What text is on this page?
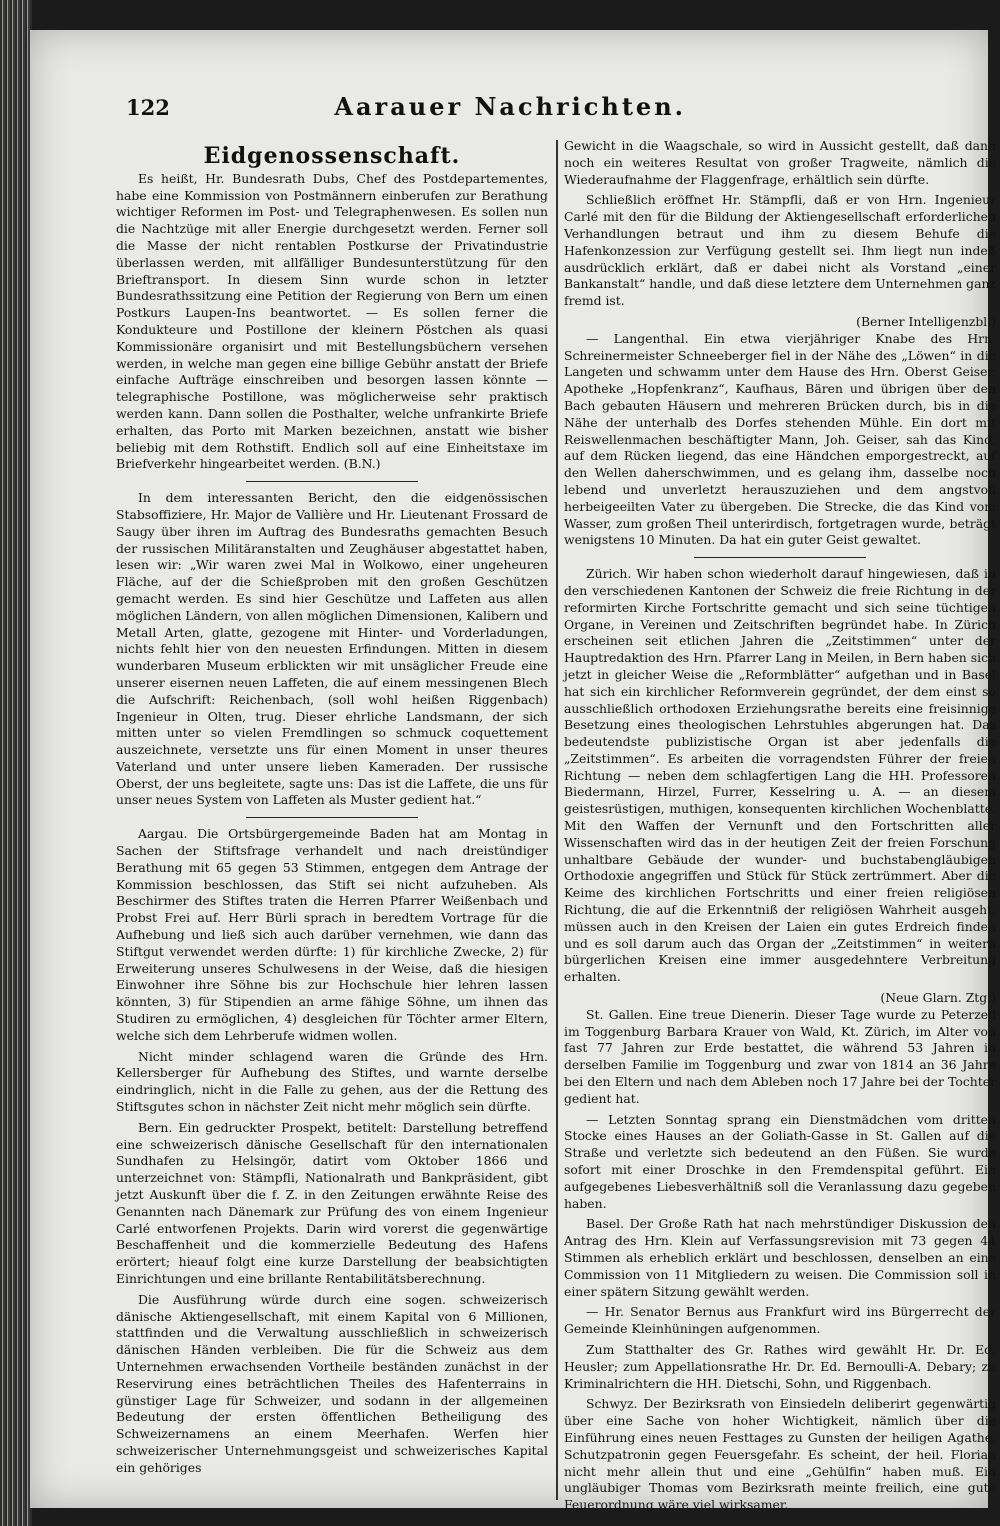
122	Aarauer Nachrichten.
Eidgenossenschaft.

Es heißt, Hr. Bundesrath Dubs, Chef des Postdepartementes, habe eine Kommission von Postmännern einberufen zur Berathung wichtiger Reformen im Post- und Telegraphenwesen. Es sollen nun die Nachtzüge mit aller Energie durchgesetzt werden. Ferner soll die Masse der nicht rentablen Postkurse der Privatindustrie überlassen werden, mit allfälliger Bundesunterstützung für den Brieftransport. In diesem Sinn wurde schon in letzter Bundesrathssitzung eine Petition der Regierung von Bern um einen Postkurs Laupen-Ins beantwortet. — Es sollen ferner die Kondukteure und Postillone der kleinern Pöstchen als quasi Kommissionäre organisirt und mit Bestellungsbüchern versehen werden, in welche man gegen eine billige Gebühr anstatt der Briefe einfache Aufträge einschreiben und besorgen lassen könnte — telegraphische Postillone, was möglicherweise sehr praktisch werden kann. Dann sollen die Posthalter, welche unfrankirte Briefe erhalten, das Porto mit Marken bezeichnen, anstatt wie bisher beliebig mit dem Rothstift. Endlich soll auf eine Einheitstaxe im Briefverkehr hingearbeitet werden. (B.N.)

In dem interessanten Bericht, den die eidgenössischen Stabsoffiziere, Hr. Major de Vallière und Hr. Lieutenant Frossard de Saugy über ihren im Auftrag des Bundesraths gemachten Besuch der russischen Militäranstalten und Zeughäuser abgestattet haben, lesen wir: „Wir waren zwei Mal in Wolkowo, einer ungeheuren Fläche, auf der die Schießproben mit den großen Geschützen gemacht werden. Es sind hier Geschütze und Laffeten aus allen möglichen Ländern, von allen möglichen Dimensionen, Kalibern und Metall Arten, glatte, gezogene mit Hinter- und Vorderladungen, nichts fehlt hier von den neuesten Erfindungen. Mitten in diesem wunderbaren Museum erblickten wir mit unsäglicher Freude eine unserer eisernen neuen Laffeten, die auf einem messingenen Blech die Aufschrift: Reichenbach, (soll wohl heißen Riggenbach) Ingenieur in Olten, trug. Dieser ehrliche Landsmann, der sich mitten unter so vielen Fremdlingen so schmuck coquettement auszeichnete, versetzte uns für einen Moment in unser theures Vaterland und unter unsere lieben Kameraden. Der russische Oberst, der uns begleitete, sagte uns: Das ist die Laffete, die uns für unser neues System von Laffeten als Muster gedient hat.“

Aargau. Die Ortsbürgergemeinde Baden hat am Montag in Sachen der Stiftsfrage verhandelt und nach dreistündiger Berathung mit 65 gegen 53 Stimmen, entgegen dem Antrage der Kommission beschlossen, das Stift sei nicht aufzuheben. Als Beschirmer des Stiftes traten die Herren Pfarrer Weißenbach und Probst Frei auf. Herr Bürli sprach in beredtem Vortrage für die Aufhebung und ließ sich auch darüber vernehmen, wie dann das Stiftgut verwendet werden dürfte: 1) für kirchliche Zwecke, 2) für Erweiterung unseres Schulwesens in der Weise, daß die hiesigen Einwohner ihre Söhne bis zur Hochschule hier lehren lassen könnten, 3) für Stipendien an arme fähige Söhne, um ihnen das Studiren zu ermöglichen, 4) desgleichen für Töchter armer Eltern, welche sich dem Lehrberufe widmen wollen.

Nicht minder schlagend waren die Gründe des Hrn. Kellersberger für Aufhebung des Stiftes, und warnte derselbe eindringlich, nicht in die Falle zu gehen, aus der die Rettung des Stiftsgutes schon in nächster Zeit nicht mehr möglich sein dürfte.

Bern. Ein gedruckter Prospekt, betitelt: Darstellung betreffend eine schweizerisch dänische Gesellschaft für den internationalen Sundhafen zu Helsingör, datirt vom Oktober 1866 und unterzeichnet von: Stämpfli, Nationalrath und Bankpräsident, gibt jetzt Auskunft über die f. Z. in den Zeitungen erwähnte Reise des Genannten nach Dänemark zur Prüfung des von einem Ingenieur Carlé entworfenen Projekts. Darin wird vorerst die gegenwärtige Beschaffenheit und die kommerzielle Bedeutung des Hafens erörtert; hieauf folgt eine kurze Darstellung der beabsichtigten Einrichtungen und eine brillante Rentabilitätsberechnung.

Die Ausführung würde durch eine sogen. schweizerisch dänische Aktiengesellschaft, mit einem Kapital von 6 Millionen, stattfinden und die Verwaltung ausschließlich in schweizerisch dänischen Händen verbleiben. Die für die Schweiz aus dem Unternehmen erwachsenden Vortheile beständen zunächst in der Reservirung eines beträchtlichen Theiles des Hafenterrains in günstiger Lage für Schweizer, und sodann in der allgemeinen Bedeutung der ersten öffentlichen Betheiligung des Schweizernamens an einem Meerhafen. Werfen hier schweizerischer Unternehmungsgeist und schweizerisches Kapital ein gehöriges

Gewicht in die Waagschale, so wird in Aussicht gestellt, daß dann noch ein weiteres Resultat von großer Tragweite, nämlich die Wiederaufnahme der Flaggenfrage, erhältlich sein dürfte.

Schließlich eröffnet Hr. Stämpfli, daß er von Hrn. Ingenieur Carlé mit den für die Bildung der Aktiengesellschaft erforderlichen Verhandlungen betraut und ihm zu diesem Behufe die Hafenkonzession zur Verfügung gestellt sei. Ihm liegt nun indeß ausdrücklich erklärt, daß er dabei nicht als Vorstand „einer Bankanstalt“ handle, und daß diese letztere dem Unternehmen ganz fremd ist.

(Berner Intelligenzbl.)

— Langenthal. Ein etwa vierjähriger Knabe des Hrn. Schreinermeister Schneeberger fiel in der Nähe des „Löwen“ in die Langeten und schwamm unter dem Hause des Hrn. Oberst Geiser, Apotheke „Hopfenkranz“, Kaufhaus, Bären und übrigen über den Bach gebauten Häusern und mehreren Brücken durch, bis in die Nähe der unterhalb des Dorfes stehenden Mühle. Ein dort mit Reiswellenmachen beschäftigter Mann, Joh. Geiser, sah das Kind, auf dem Rücken liegend, das eine Händchen emporgestreckt, auf den Wellen daherschwimmen, und es gelang ihm, dasselbe noch lebend und unverletzt herauszuziehen und dem angstvoll herbeigeeilten Vater zu übergeben. Die Strecke, die das Kind vom Wasser, zum großen Theil unterirdisch, fortgetragen wurde, beträgt wenigstens 10 Minuten. Da hat ein guter Geist gewaltet.

Zürich. Wir haben schon wiederholt darauf hingewiesen, daß in den verschiedenen Kantonen der Schweiz die freie Richtung in der reformirten Kirche Fortschritte gemacht und sich seine tüchtigen Organe, in Vereinen und Zeitschriften begründet habe. In Zürich erscheinen seit etlichen Jahren die „Zeitstimmen“ unter der Hauptredaktion des Hrn. Pfarrer Lang in Meilen, in Bern haben sich jetzt in gleicher Weise die „Reformblätter“ aufgethan und in Basel hat sich ein kirchlicher Reformverein gegründet, der dem einst so ausschließlich orthodoxen Erziehungsrathe bereits eine freisinnige Besetzung eines theologischen Lehrstuhles abgerungen hat. Das bedeutendste publizistische Organ ist aber jedenfalls die „Zeitstimmen“. Es arbeiten die vorragendsten Führer der freien Richtung — neben dem schlagfertigen Lang die HH. Professoren Biedermann, Hirzel, Furrer, Kesselring u. A. — an diesem geistesrüstigen, muthigen, konsequenten kirchlichen Wochenblatte. Mit den Waffen der Vernunft und den Fortschritten aller Wissenschaften wird das in der heutigen Zeit der freien Forschung unhaltbare Gebäude der wunder- und buchstabengläubigen Orthodoxie angegriffen und Stück für Stück zertrümmert. Aber die Keime des kirchlichen Fortschritts und einer freien religiösen Richtung, die auf die Erkenntniß der religiösen Wahrheit ausgeht, müssen auch in den Kreisen der Laien ein gutes Erdreich finden und es soll darum auch das Organ der „Zeitstimmen“ in weitern bürgerlichen Kreisen eine immer ausgedehntere Verbreitung erhalten.

(Neue Glarn. Ztg.)

St. Gallen. Eine treue Dienerin. Dieser Tage wurde zu Peterzell im Toggenburg Barbara Krauer von Wald, Kt. Zürich, im Alter von fast 77 Jahren zur Erde bestattet, die während 53 Jahren in derselben Familie im Toggenburg und zwar von 1814 an 36 Jahre bei den Eltern und nach dem Ableben noch 17 Jahre bei der Tochter gedient hat.

— Letzten Sonntag sprang ein Dienstmädchen vom dritten Stocke eines Hauses an der Goliath-Gasse in St. Gallen auf die Straße und verletzte sich bedeutend an den Füßen. Sie wurde sofort mit einer Droschke in den Fremdenspital geführt. Ein aufgegebenes Liebesverhältniß soll die Veranlassung dazu gegeben haben.

Basel. Der Große Rath hat nach mehrstündiger Diskussion den Antrag des Hrn. Klein auf Verfassungsrevision mit 73 gegen 44 Stimmen als erheblich erklärt und beschlossen, denselben an eine Commission von 11 Mitgliedern zu weisen. Die Commission soll in einer spätern Sitzung gewählt werden.

— Hr. Senator Bernus aus Frankfurt wird ins Bürgerrecht der Gemeinde Kleinhüningen aufgenommen.

Zum Statthalter des Gr. Rathes wird gewählt Hr. Dr. Ed. Heusler; zum Appellationsrathe Hr. Dr. Ed. Bernoulli-A. Debary; zu Kriminalrichtern die HH. Dietschi, Sohn, und Riggenbach.

Schwyz. Der Bezirksrath von Einsiedeln deliberirt gegenwärtig über eine Sache von hoher Wichtigkeit, nämlich über die Einführung eines neuen Festtages zu Gunsten der heiligen Agathe, Schutzpatronin gegen Feuersgefahr. Es scheint, der heil. Florian nicht mehr allein thut und eine „Gehülfin“ haben muß. Ein ungläubiger Thomas vom Bezirksrath meinte freilich, eine gute Feuerordnung wäre viel wirksamer.
